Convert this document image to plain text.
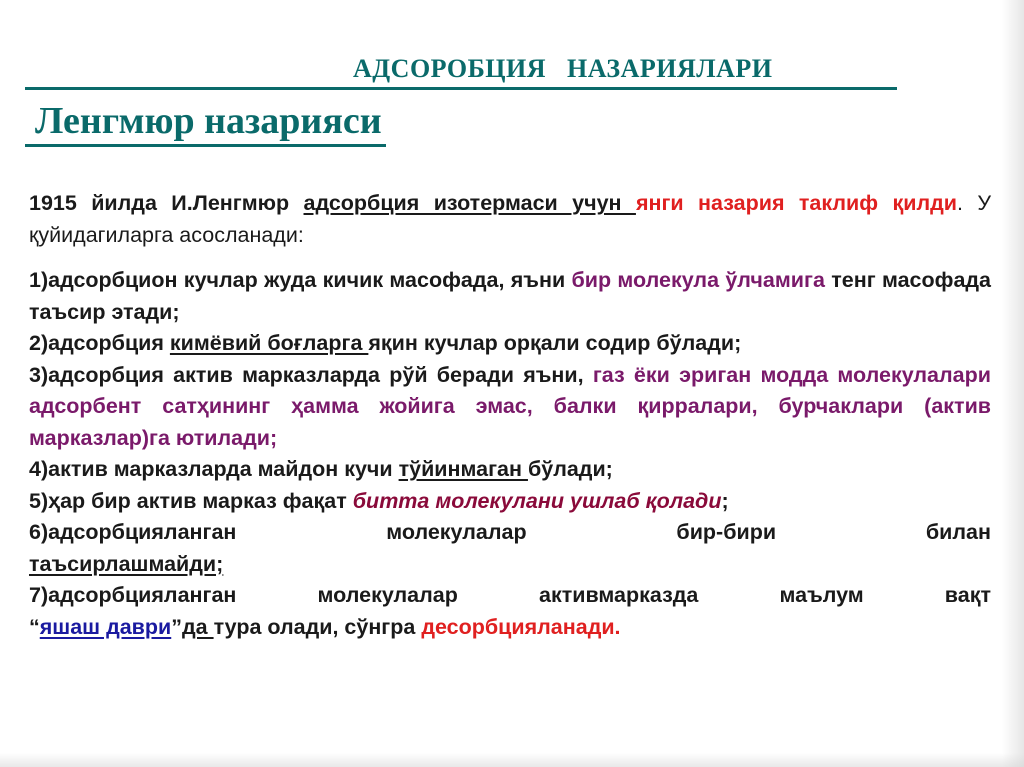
АДСОРОБЦИЯ   НАЗАРИЯЛАРИ
Ленгмюр назарияси

1915 йилда И.Ленгмюр адсорбция изотермаси учун янги назария таклиф қилди. У қуйидагиларга асосланади:

1)адсорбцион кучлар жуда кичик масофада, яъни бир молекула ўлчамига тенг масофада таъсир этади;

2)адсорбция кимёвий боғларга яқин кучлар орқали содир бўлади;

3)адсорбция актив марказларда рўй беради яъни, газ ёки эриган модда молекулалари адсорбент сатҳининг ҳамма жойига эмас, балки қирралари, бурчаклари (актив марказлар)га ютилади;

4)актив марказларда майдон кучи тўйинмаган бўлади;

5)ҳар бир актив марказ фақат битта молекулани ушлаб қолади;

6)адсорбцияланган молекулалар бир-бири билан

таъсирлашмайди;

7)адсорбцияланган молекулалар активмарказда маълум вақт

“яшаш даври”да тура олади, сўнгра десорбцияланади.
